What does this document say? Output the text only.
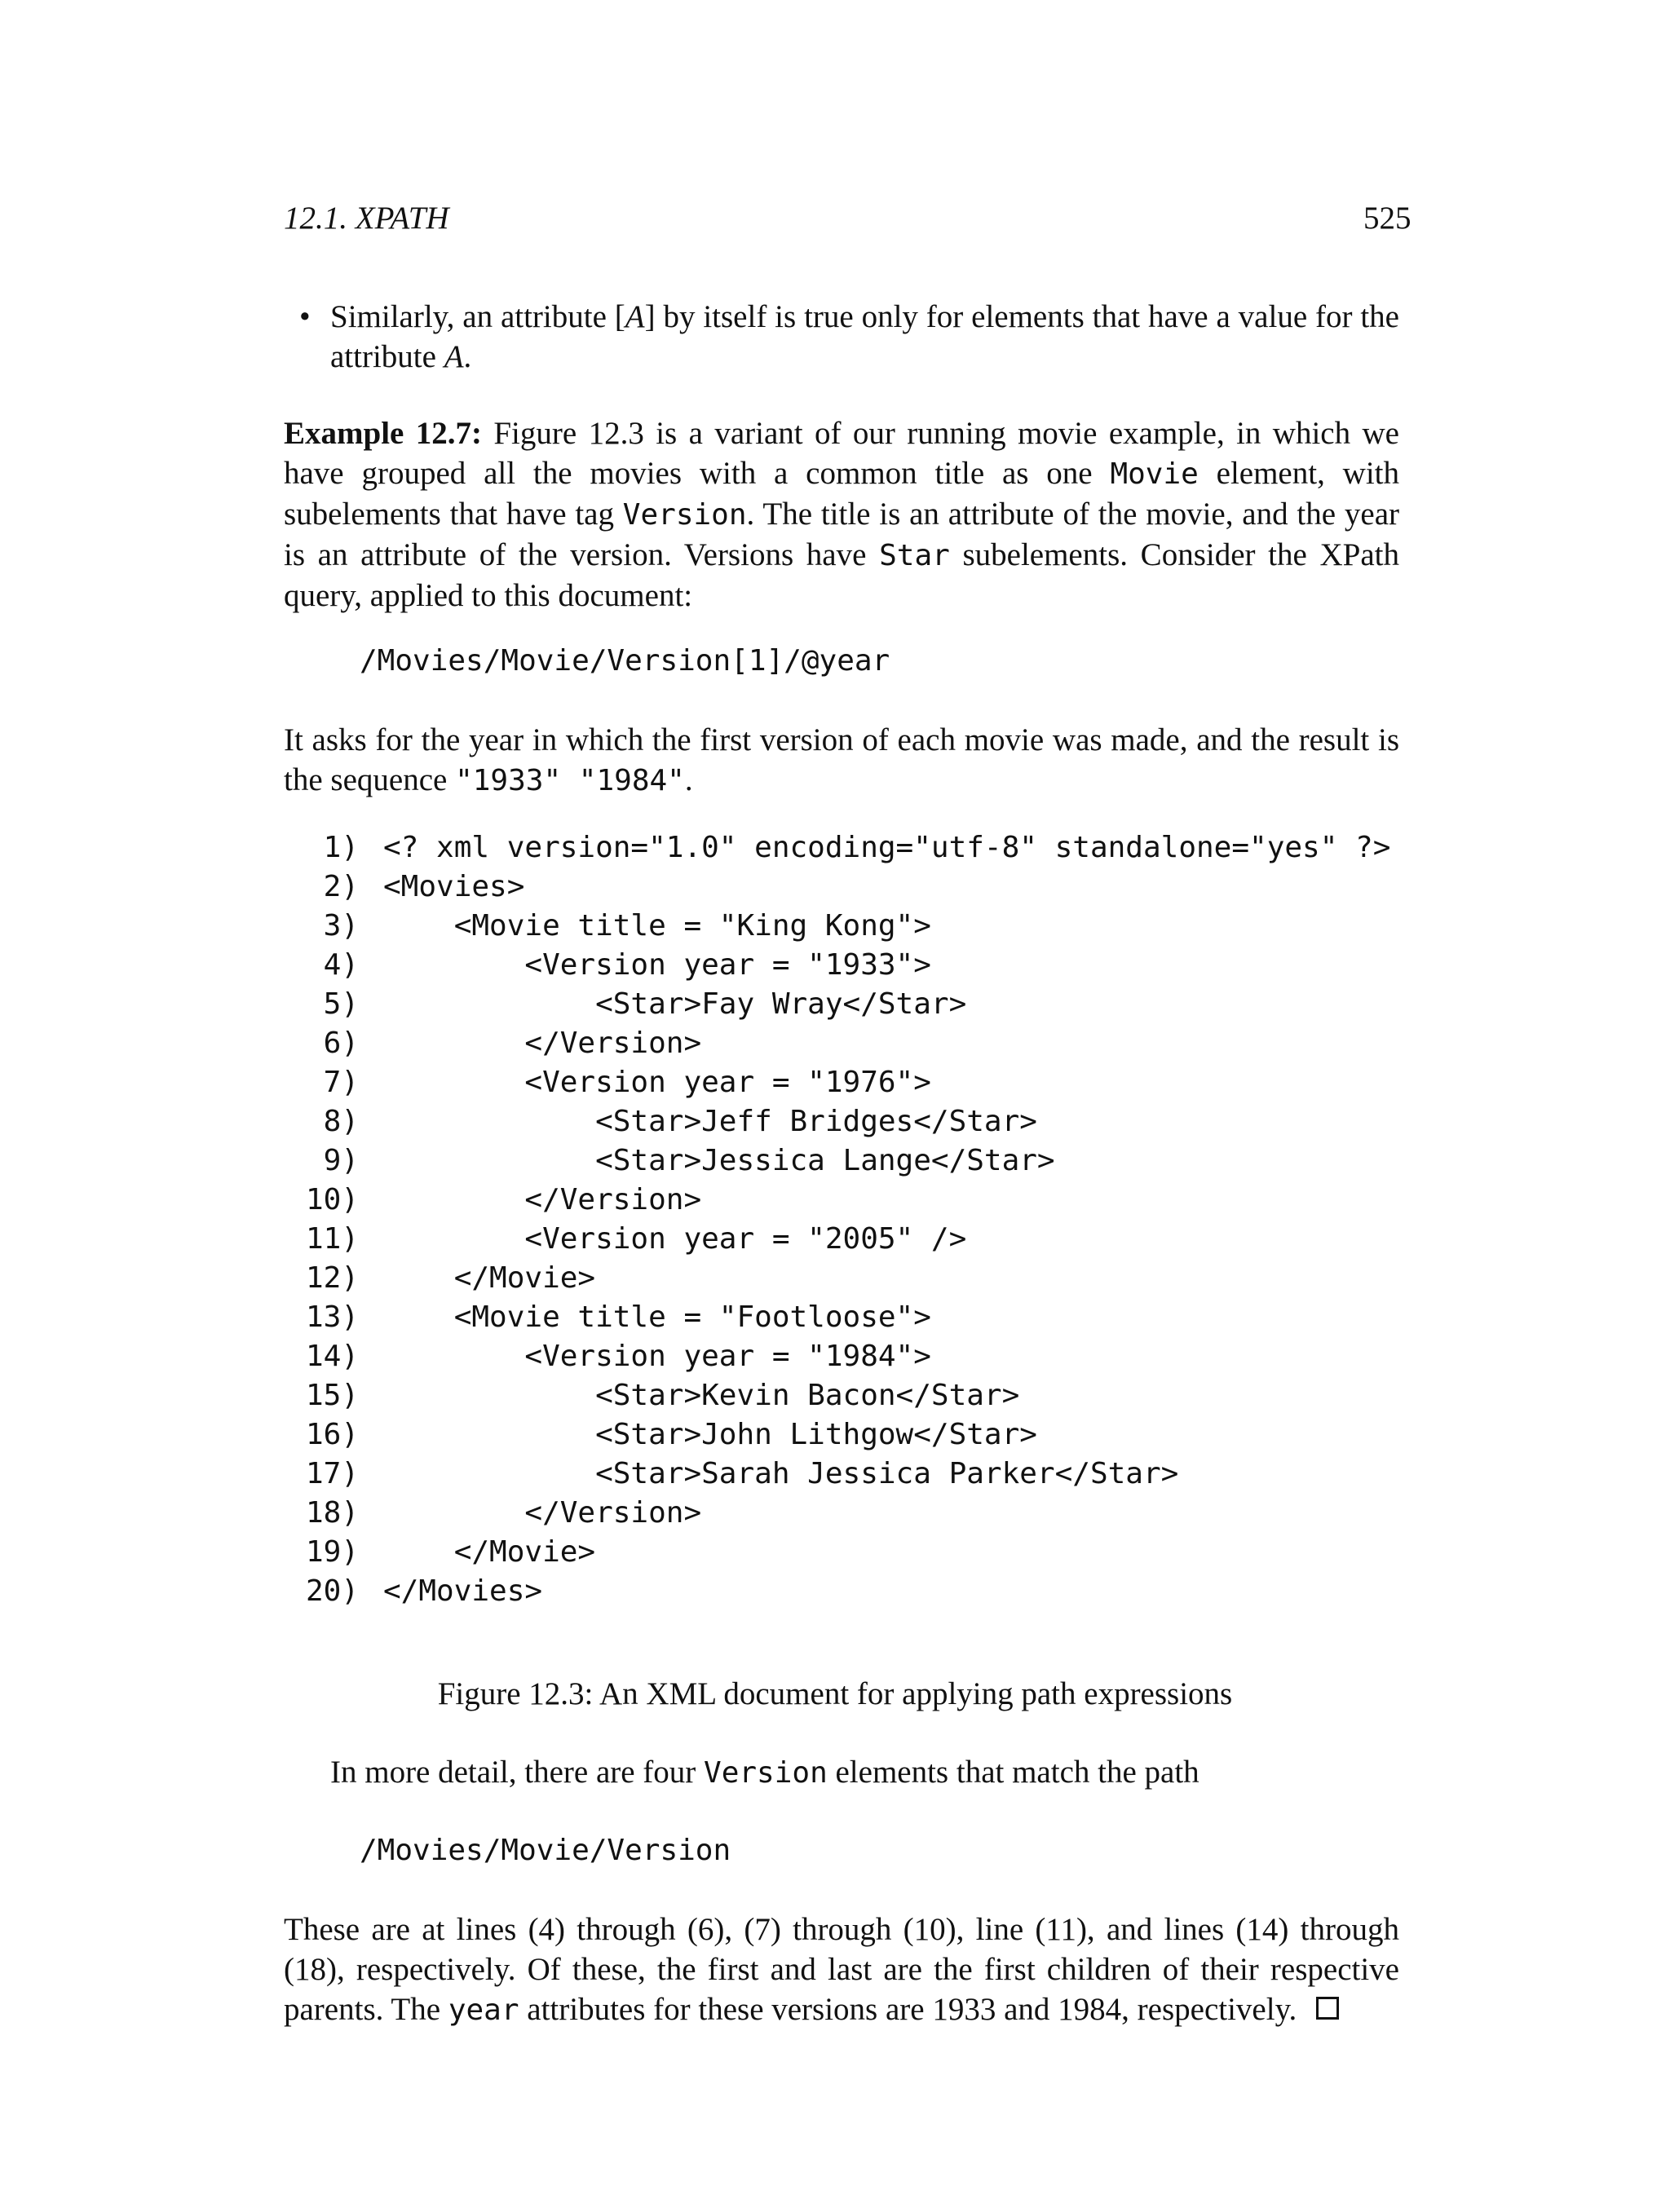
12.1. XPATH	525
• Similarly, an attribute [A] by itself is true only for elements that have a value for the attribute A.
Example 12.7: Figure 12.3 is a variant of our running movie example, in which we have grouped all the movies with a common title as one Movie element, with subelements that have tag Version. The title is an attribute of the movie, and the year is an attribute of the version. Versions have Star subelements. Consider the XPath query, applied to this document:
/Movies/Movie/Version[1]/@year
It asks for the year in which the first version of each movie was made, and the result is the sequence "1933" "1984".
1) <? xml version="1.0" encoding="utf-8" standalone="yes" ?>
2) <Movies>
3) <Movie title = "King Kong">
4) <Version year = "1933">
5) <Star>Fay Wray</Star>
6) </Version>
7) <Version year = "1976">
8) <Star>Jeff Bridges</Star>
9) <Star>Jessica Lange</Star>
10) </Version>
11) <Version year = "2005" />
12) </Movie>
13) <Movie title = "Footloose">
14) <Version year = "1984">
15) <Star>Kevin Bacon</Star>
16) <Star>John Lithgow</Star>
17) <Star>Sarah Jessica Parker</Star>
18) </Version>
19) </Movie>
20) </Movies>
Figure 12.3: An XML document for applying path expressions
In more detail, there are four Version elements that match the path
/Movies/Movie/Version
These are at lines (4) through (6), (7) through (10), line (11), and lines (14) through (18), respectively. Of these, the first and last are the first children of their respective parents. The year attributes for these versions are 1933 and 1984, respectively.
